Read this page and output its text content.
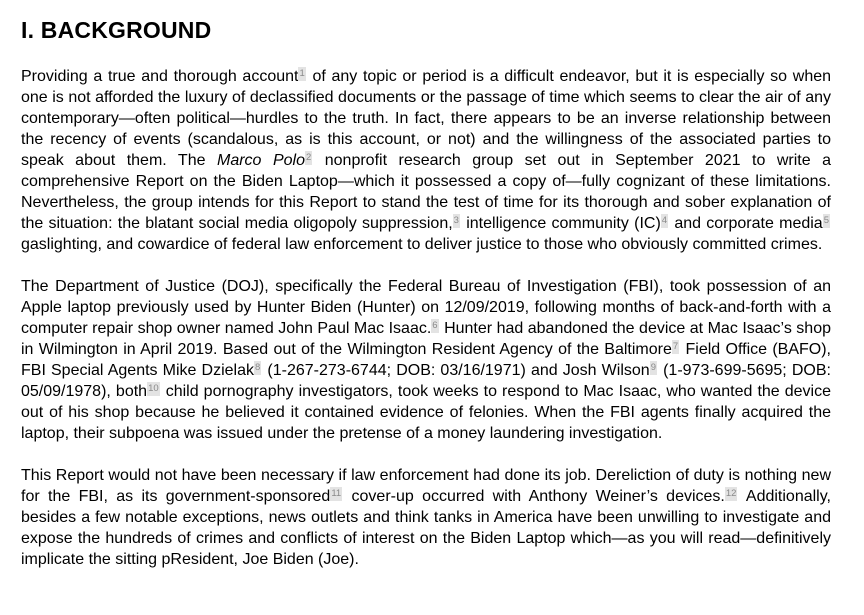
I. BACKGROUND

Providing a true and thorough account1 of any topic or period is a difficult endeavor, but it is especially so when one is not afforded the luxury of declassified documents or the passage of time which seems to clear the air of any contemporary—often political—hurdles to the truth. In fact, there appears to be an inverse relationship between the recency of events (scandalous, as is this account, or not) and the willingness of the associated parties to speak about them. The Marco Polo2 nonprofit research group set out in September 2021 to write a comprehensive Report on the Biden Laptop—which it possessed a copy of—fully cognizant of these limitations. Nevertheless, the group intends for this Report to stand the test of time for its thorough and sober explanation of the situation: the blatant social media oligopoly suppression,3 intelligence community (IC)4 and corporate media5 gaslighting, and cowardice of federal law enforcement to deliver justice to those who obviously committed crimes.

The Department of Justice (DOJ), specifically the Federal Bureau of Investigation (FBI), took possession of an Apple laptop previously used by Hunter Biden (Hunter) on 12/09/2019, following months of back-and-forth with a computer repair shop owner named John Paul Mac Isaac.6 Hunter had abandoned the device at Mac Isaac’s shop in Wilmington in April 2019. Based out of the Wilmington Resident Agency of the Baltimore7 Field Office (BAFO), FBI Special Agents Mike Dzielak8 (1-267-273-6744; DOB: 03/16/1971) and Josh Wilson9 (1-973-699-5695; DOB: 05/09/1978), both10 child pornography investigators, took weeks to respond to Mac Isaac, who wanted the device out of his shop because he believed it contained evidence of felonies. When the FBI agents finally acquired the laptop, their subpoena was issued under the pretense of a money laundering investigation.

This Report would not have been necessary if law enforcement had done its job. Dereliction of duty is nothing new for the FBI, as its government-sponsored11 cover-up occurred with Anthony Weiner’s devices.12 Additionally, besides a few notable exceptions, news outlets and think tanks in America have been unwilling to investigate and expose the hundreds of crimes and conflicts of interest on the Biden Laptop which—as you will read—definitively implicate the sitting pResident, Joe Biden (Joe).
